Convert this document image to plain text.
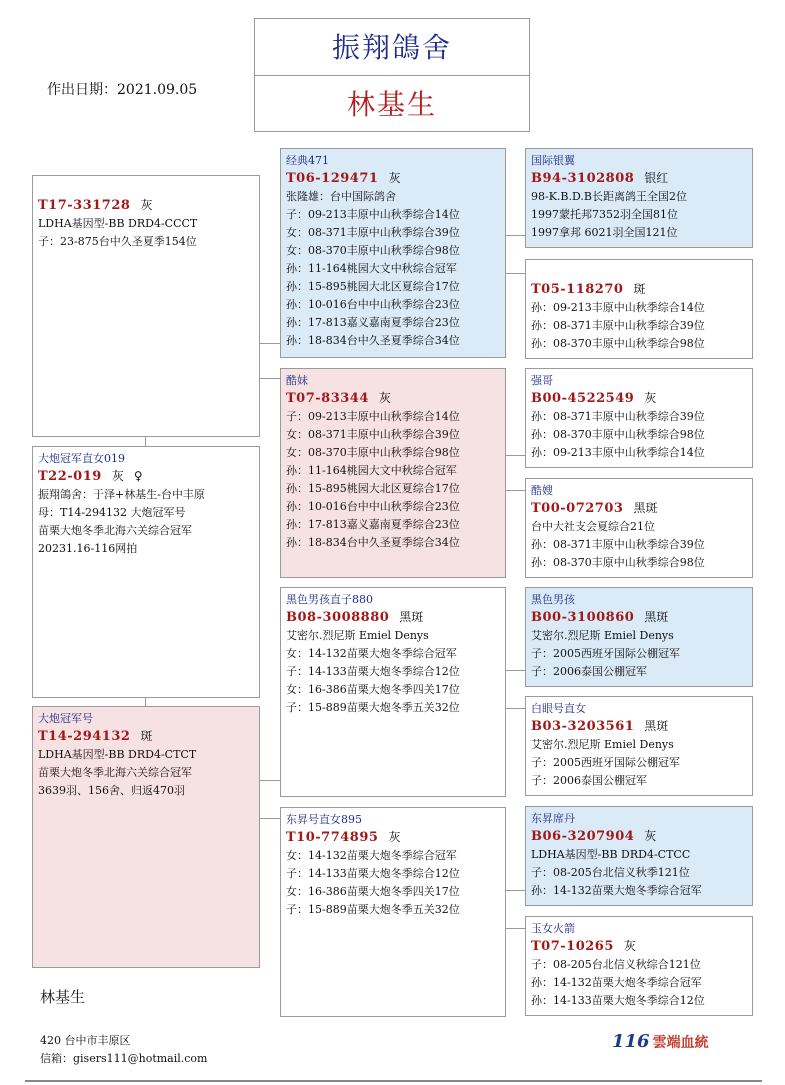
振翔鴿舍
林基生
作出日期：2021.09.05
T17-331728 灰
LDHA基因型-BB DRD4-CCCT
子：23-875台中久圣夏季154位
大炮冠军直女019
T22-019 灰 ♀
振翔鴿舍：于泽+林基生-台中丰原
母：T14-294132 大炮冠军号
苗栗大炮冬季北海六关综合冠军
20231.16-116网拍
大炮冠军号
T14-294132 斑
LDHA基因型-BB DRD4-CTCT
苗栗大炮冬季北海六关综合冠军
3639羽、156舍、归返470羽
经典471
T06-129471 灰
张隆雄：台中国际鸽舍
子：09-213丰原中山秋季综合14位
女：08-371丰原中山秋季综合39位
女：08-370丰原中山秋季综合98位
孙：11-164桃园大文中秋综合冠军
孙：15-895桃园大北区夏综合17位
孙：10-016台中中山秋季综合23位
孙：17-813嘉义嘉南夏季综合23位
孙：18-834台中久圣夏季综合34位
酷妹
T07-83344 灰
子：09-213丰原中山秋季综合14位
女：08-371丰原中山秋季综合39位
女：08-370丰原中山秋季综合98位
孙：11-164桃园大文中秋综合冠军
孙：15-895桃园大北区夏综合17位
孙：10-016台中中山秋季综合23位
孙：17-813嘉义嘉南夏季综合23位
孙：18-834台中久圣夏季综合34位
黑色男孩直子880
B08-3008880 黑斑
艾密尔.烈尼斯 Emiel Denys
女：14-132苗栗大炮冬季综合冠军
子：14-133苗栗大炮冬季综合12位
女：16-386苗栗大炮冬季四关17位
子：15-889苗栗大炮冬季五关32位
东昇号直女895
T10-774895 灰
女：14-132苗栗大炮冬季综合冠军
子：14-133苗栗大炮冬季综合12位
女：16-386苗栗大炮冬季四关17位
子：15-889苗栗大炮冬季五关32位
国际银翼
B94-3102808 银红
98-K.B.D.B长距离鸽王全国2位
1997蒙托邦7352羽全国81位
1997拿邦 6021羽全国121位
T05-118270 斑
孙：09-213丰原中山秋季综合14位
孙：08-371丰原中山秋季综合39位
孙：08-370丰原中山秋季综合98位
强哥
B00-4522549 灰
孙：08-371丰原中山秋季综合39位
孙：08-370丰原中山秋季综合98位
孙：09-213丰原中山秋季综合14位
酷嫂
T00-072703 黑斑
台中大社支会夏综合21位
孙：08-371丰原中山秋季综合39位
孙：08-370丰原中山秋季综合98位
黑色男孩
B00-3100860 黑斑
艾密尔.烈尼斯 Emiel Denys
子：2005西班牙国际公棚冠军
子：2006泰国公棚冠军
白眼号直女
B03-3203561 黑斑
艾密尔.烈尼斯 Emiel Denys
子：2005西班牙国际公棚冠军
子：2006泰国公棚冠军
东昇席丹
B06-3207904 灰
LDHA基因型-BB DRD4-CTCC
子：08-205台北信义秋季121位
孙：14-132苗栗大炮冬季综合冠军
玉女火箭
T07-10265 灰
子：08-205台北信义秋综合121位
孙：14-132苗栗大炮冬季综合冠军
孙：14-133苗栗大炮冬季综合12位
林基生
420 台中市丰原区
信箱：gisers111@hotmail.com
116 雲端血統
